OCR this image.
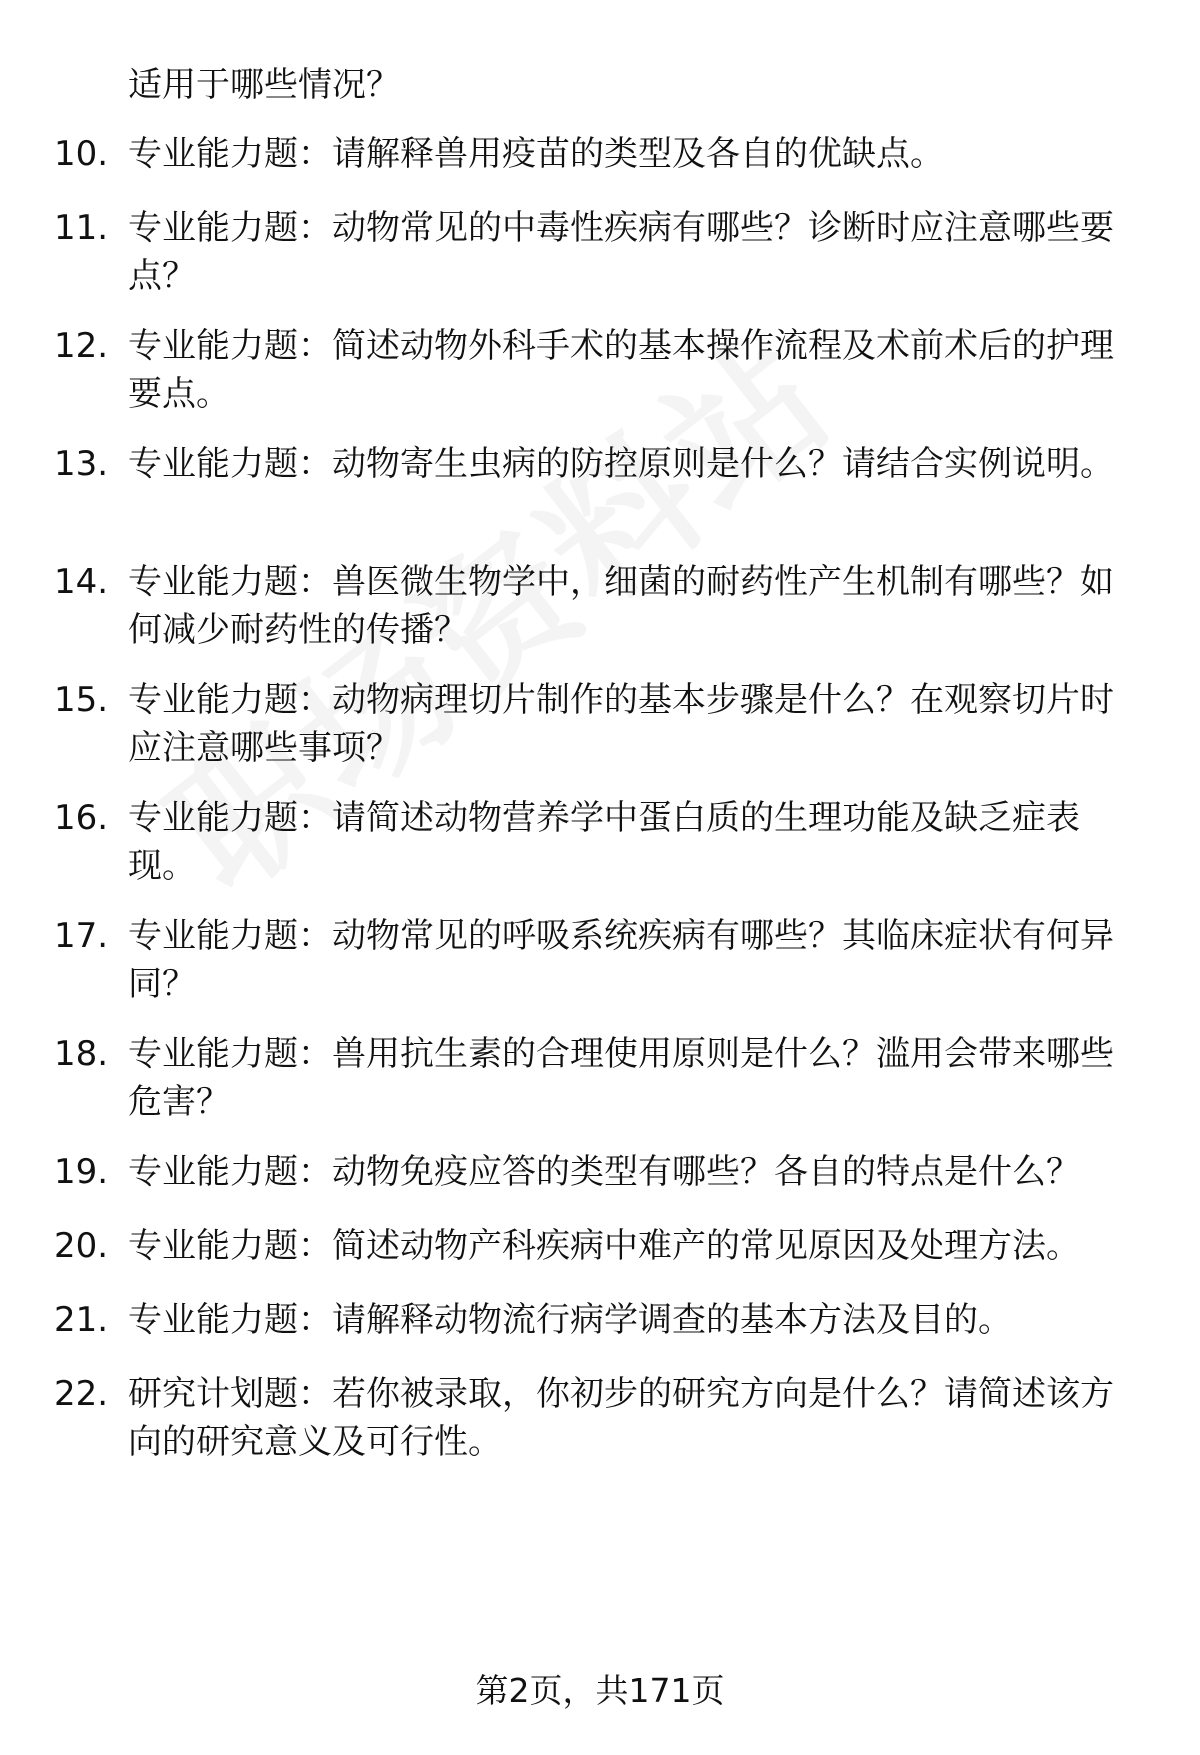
适用于哪些情况？
10. 专业能力题：请解释兽用疫苗的类型及各自的优缺点。
11. 专业能力题：动物常见的中毒性疾病有哪些？诊断时应注意哪些要点？
12. 专业能力题：简述动物外科手术的基本操作流程及术前术后的护理要点。
13. 专业能力题：动物寄生虫病的防控原则是什么？请结合实例说明。
14. 专业能力题：兽医微生物学中，细菌的耐药性产生机制有哪些？如何减少耐药性的传播？
15. 专业能力题：动物病理切片制作的基本步骤是什么？在观察切片时应注意哪些事项？
16. 专业能力题：请简述动物营养学中蛋白质的生理功能及缺乏症表现。
17. 专业能力题：动物常见的呼吸系统疾病有哪些？其临床症状有何异同？
18. 专业能力题：兽用抗生素的合理使用原则是什么？滥用会带来哪些危害？
19. 专业能力题：动物免疫应答的类型有哪些？各自的特点是什么？
20. 专业能力题：简述动物产科疾病中难产的常见原因及处理方法。
21. 专业能力题：请解释动物流行病学调查的基本方法及目的。
22. 研究计划题：若你被录取，你初步的研究方向是什么？请简述该方向的研究意义及可行性。
第2页，共171页
